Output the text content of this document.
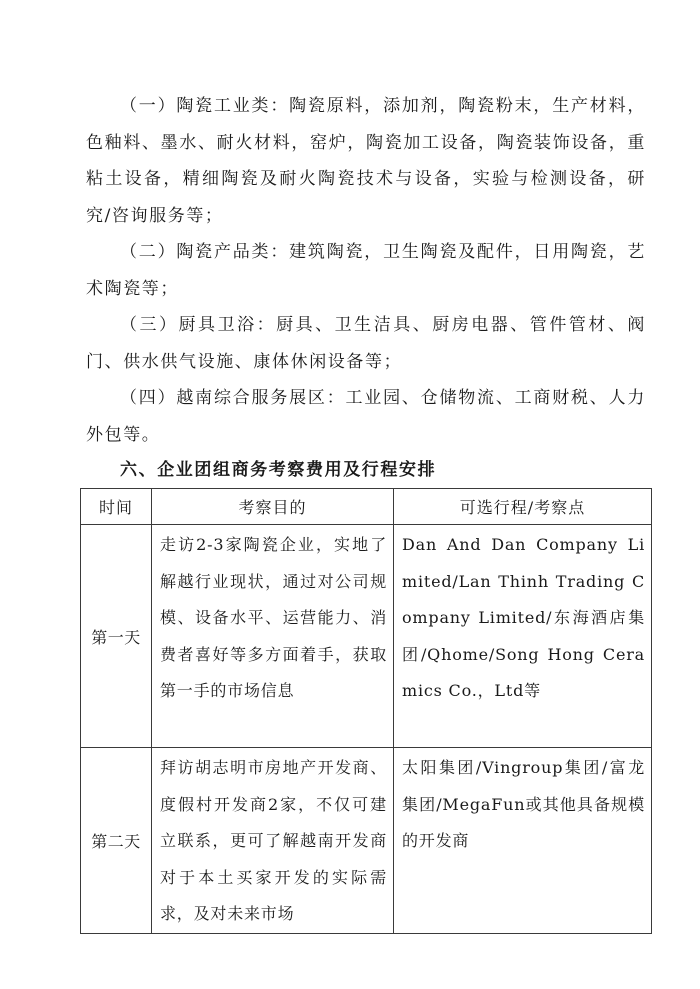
（一）陶瓷工业类：陶瓷原料，添加剂，陶瓷粉末，生产材料，色釉料、墨水、耐火材料，窑炉，陶瓷加工设备，陶瓷装饰设备，重粘土设备，精细陶瓷及耐火陶瓷技术与设备，实验与检测设备，研究/咨询服务等；

（二）陶瓷产品类：建筑陶瓷，卫生陶瓷及配件，日用陶瓷，艺术陶瓷等；

（三）厨具卫浴：厨具、卫生洁具、厨房电器、管件管材、阀门、供水供气设施、康体休闲设备等；

（四）越南综合服务展区：工业园、仓储物流、工商财税、人力外包等。

六、企业团组商务考察费用及行程安排
时间	考察目的	可选行程/考察点
第一天	走访2-3家陶瓷企业，实地了解越行业现状，通过对公司规模、设备水平、运营能力、消费者喜好等多方面着手，获取第一手的市场信息	Dan And Dan Company Limited/Lan Thinh Trading Company Limited/东海酒店集团/Qhome/Song Hong Ceramics Co.，Ltd等

第二天	拜访胡志明市房地产开发商、度假村开发商2家，不仅可建立联系，更可了解越南开发商对于本土买家开发的实际需求，及对未来市场	太阳集团/Vingroup集团/富龙集团/MegaFun或其他具备规模的开发商
